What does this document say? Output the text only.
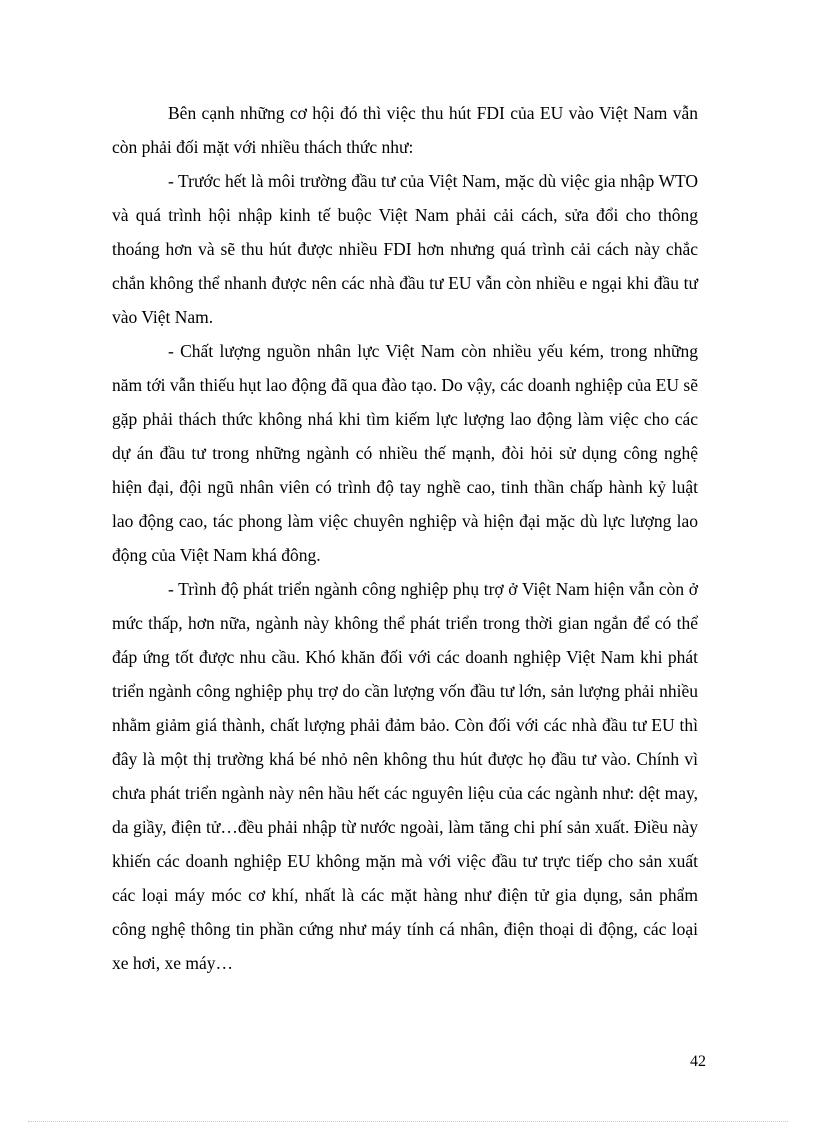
Bên cạnh những cơ hội đó thì việc thu hút FDI của EU vào Việt Nam vẫn còn phải đối mặt với nhiều thách thức như:

- Trước hết là môi trường đầu tư của Việt Nam, mặc dù việc gia nhập WTO và quá trình hội nhập kinh tế buộc Việt Nam phải cải cách, sửa đổi cho thông thoáng hơn và sẽ thu hút được nhiều FDI hơn nhưng quá trình cải cách này chắc chắn không thể nhanh được nên các nhà đầu tư EU vẫn còn nhiều e ngại khi đầu tư vào Việt Nam.

- Chất lượng nguồn nhân lực Việt Nam còn nhiều yếu kém, trong những năm tới vẫn thiếu hụt lao động đã qua đào tạo. Do vậy, các doanh nghiệp của EU sẽ gặp phải thách thức không nhá khi tìm kiếm lực lượng lao động làm việc cho các dự án đầu tư trong những ngành có nhiều thế mạnh, đòi hỏi sử dụng công nghệ hiện đại, đội ngũ nhân viên có trình độ tay nghề cao, tinh thần chấp hành kỷ luật lao động cao, tác phong làm việc chuyên nghiệp và hiện đại mặc dù lực lượng lao động của Việt Nam khá đông.

- Trình độ phát triển ngành công nghiệp phụ trợ ở Việt Nam hiện vẫn còn ở mức thấp, hơn nữa, ngành này không thể phát triển trong thời gian ngắn để có thể đáp ứng tốt được nhu cầu. Khó khăn đối với các doanh nghiệp Việt Nam khi phát triển ngành công nghiệp phụ trợ do cần lượng vốn đầu tư lớn, sản lượng phải nhiều nhằm giảm giá thành, chất lượng phải đảm bảo. Còn đối với các nhà đầu tư EU thì đây là một thị trường khá bé nhỏ nên không thu hút được họ đầu tư vào. Chính vì chưa phát triển ngành này nên hầu hết các nguyên liệu của các ngành như: dệt may, da giầy, điện tử…đều phải nhập từ nước ngoài, làm tăng chi phí sản xuất. Điều này khiến các doanh nghiệp EU không mặn mà với việc đầu tư trực tiếp cho sản xuất các loại máy móc cơ khí, nhất là các mặt hàng như điện tử gia dụng, sản phẩm công nghệ thông tin phần cứng như máy tính cá nhân, điện thoại di động, các loại xe hơi, xe máy…

42
